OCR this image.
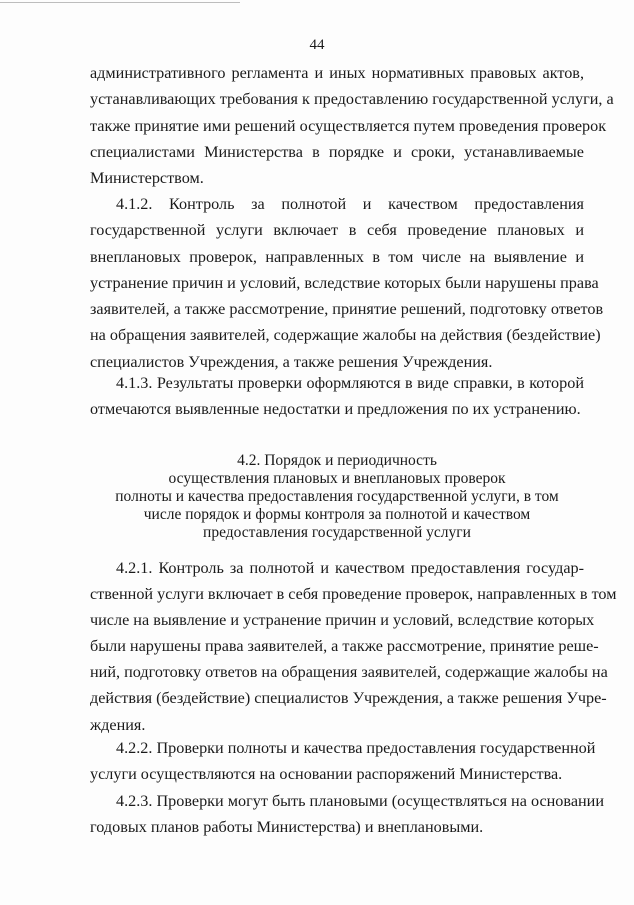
44
административного регламента и иных нормативных правовых актов,
устанавливающих требования к предоставлению государственной услуги, а
также принятие ими решений осуществляется путем проведения проверок
специалистами Министерства в порядке и сроки, устанавливаемые
Министерством.
4.1.2. Контроль за полнотой и качеством предоставления
государственной услуги включает в себя проведение плановых и
внеплановых проверок, направленных в том числе на выявление и
устранение причин и условий, вследствие которых были нарушены права
заявителей, а также рассмотрение, принятие решений, подготовку ответов
на обращения заявителей, содержащие жалобы на действия (бездействие)
специалистов Учреждения, а также решения Учреждения.
4.1.3. Результаты проверки оформляются в виде справки, в которой
отмечаются выявленные недостатки и предложения по их устранению.
4.2. Порядок и периодичность
осуществления плановых и внеплановых проверок
полноты и качества предоставления государственной услуги, в том
числе порядок и формы контроля за полнотой и качеством
предоставления государственной услуги
4.2.1. Контроль за полнотой и качеством предоставления государ-
ственной услуги включает в себя проведение проверок, направленных в том
числе на выявление и устранение причин и условий, вследствие которых
были нарушены права заявителей, а также рассмотрение, принятие реше-
ний, подготовку ответов на обращения заявителей, содержащие жалобы на
действия (бездействие) специалистов Учреждения, а также решения Учре-
ждения.
4.2.2. Проверки полноты и качества предоставления государственной
услуги осуществляются на основании распоряжений Министерства.
4.2.3. Проверки могут быть плановыми (осуществляться на основании
годовых планов работы Министерства) и внеплановыми.
